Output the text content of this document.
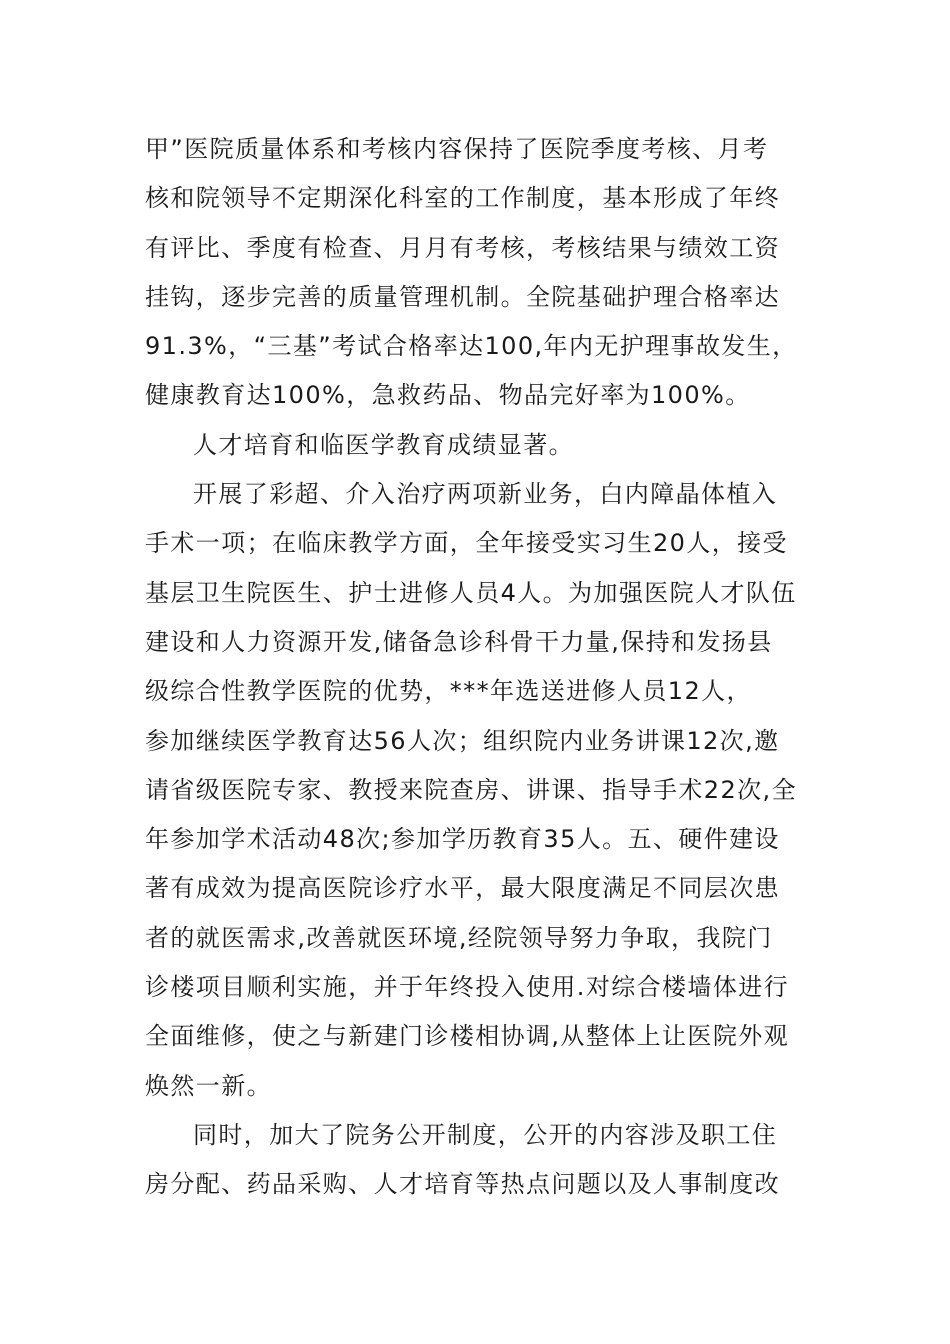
甲”医院质量体系和考核内容保持了医院季度考核、月考
核和院领导不定期深化科室的工作制度，基本形成了年终
有评比、季度有检查、月月有考核，考核结果与绩效工资
挂钩，逐步完善的质量管理机制。全院基础护理合格率达
91.3%，“三基”考试合格率达100,年内无护理事故发生，
健康教育达100%，急救药品、物品完好率为100%。
人才培育和临医学教育成绩显著。
开展了彩超、介入治疗两项新业务，白内障晶体植入
手术一项；在临床教学方面，全年接受实习生20人，接受
基层卫生院医生、护士进修人员4人。为加强医院人才队伍
建设和人力资源开发,储备急诊科骨干力量,保持和发扬县
级综合性教学医院的优势，***年选送进修人员12人，
参加继续医学教育达56人次；组织院内业务讲课12次,邀
请省级医院专家、教授来院查房、讲课、指导手术22次,全
年参加学术活动48次;参加学历教育35人。五、硬件建设
著有成效为提高医院诊疗水平，最大限度满足不同层次患
者的就医需求,改善就医环境,经院领导努力争取，我院门
诊楼项目顺利实施，并于年终投入使用.对综合楼墙体进行
全面维修，使之与新建门诊楼相协调,从整体上让医院外观
焕然一新。
同时，加大了院务公开制度，公开的内容涉及职工住
房分配、药品采购、人才培育等热点问题以及人事制度改
